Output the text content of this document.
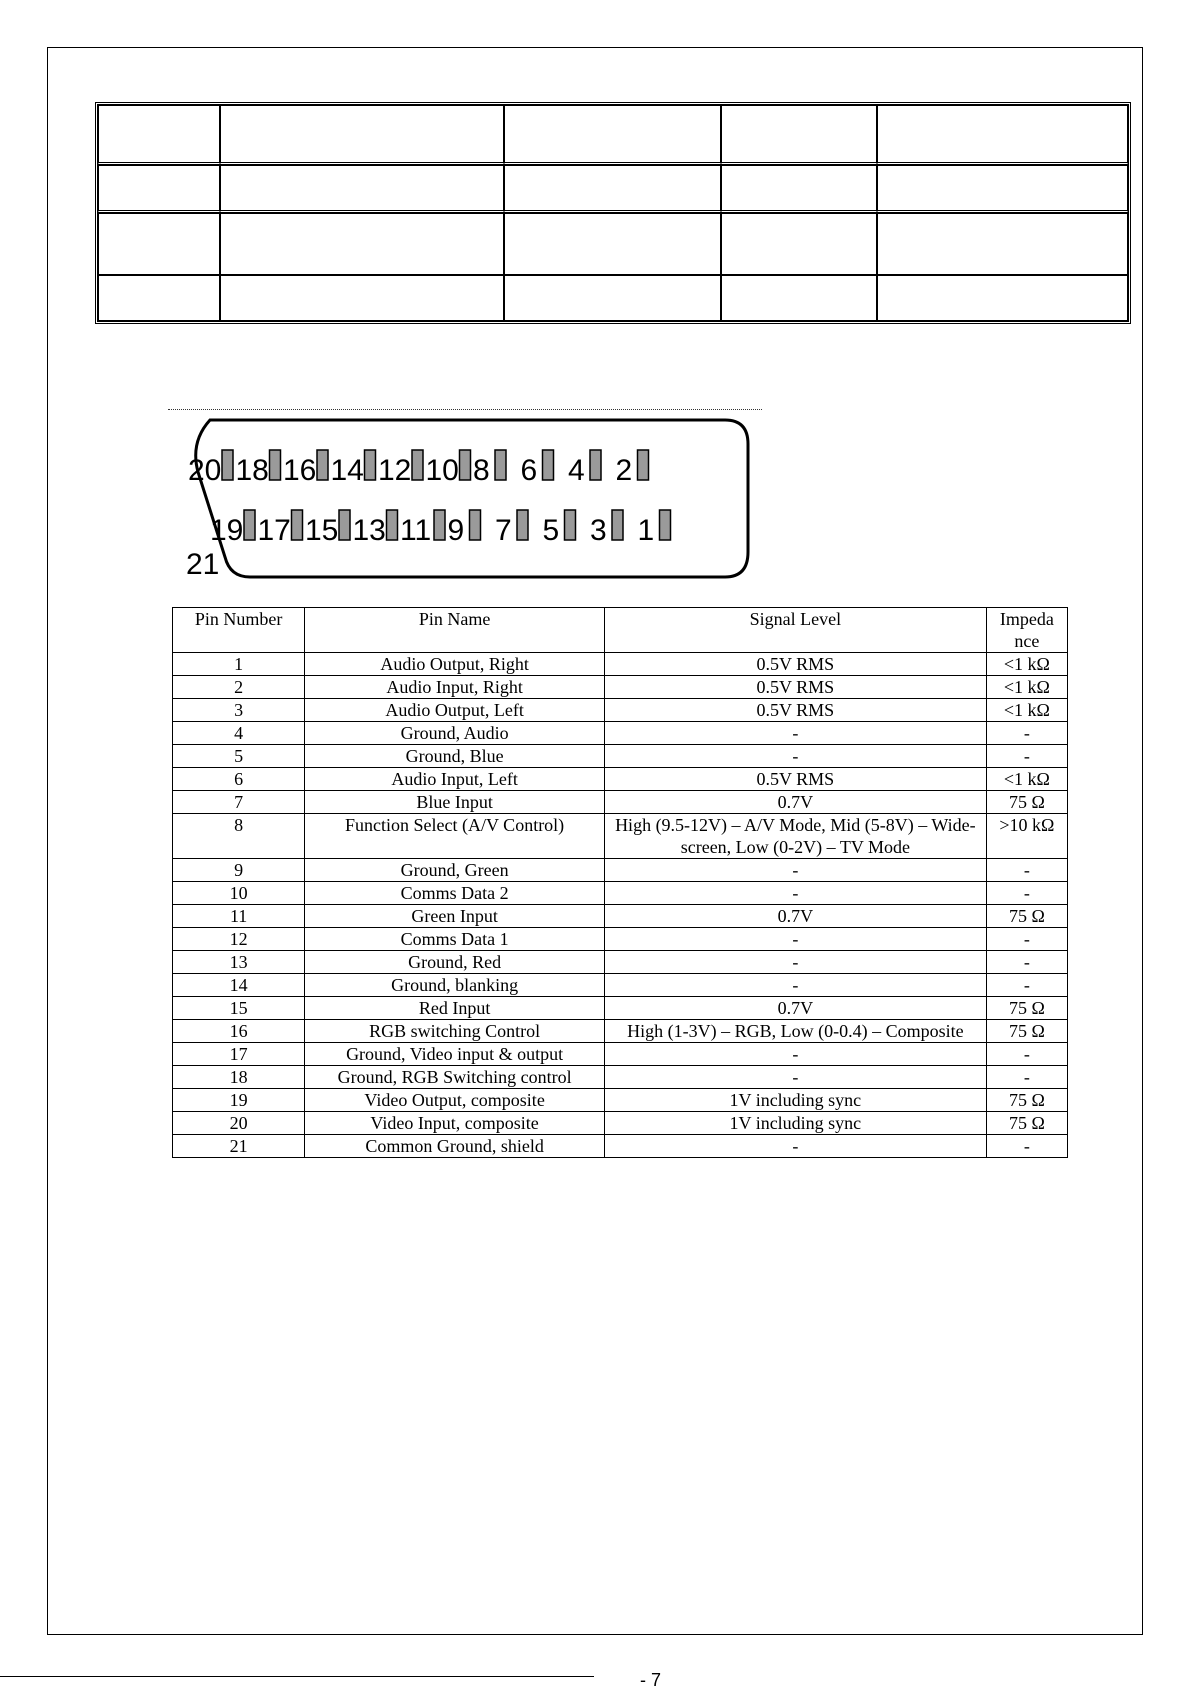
20 18 16 14 12 10 8 6 4 2
19 17 15 13 11 9 7 5 3 1
21
Pin Number	Pin Name	Signal Level	Impeda nce
1	Audio Output, Right	0.5V RMS	<1 kΩ
2	Audio Input, Right	0.5V RMS	<1 kΩ
3	Audio Output, Left	0.5V RMS	<1 kΩ
4	Ground, Audio	-	-
5	Ground, Blue	-	-
6	Audio Input, Left	0.5V RMS	<1 kΩ
7	Blue Input	0.7V	75 Ω
8	Function Select (A/V Control)	High (9.5-12V) – A/V Mode, Mid (5-8V) – Wide-screen, Low (0-2V) – TV Mode	>10 kΩ
9	Ground, Green	-	-
10	Comms Data 2	-	-
11	Green Input	0.7V	75 Ω
12	Comms Data 1	-	-
13	Ground, Red	-	-
14	Ground, blanking	-	-
15	Red Input	0.7V	75 Ω
16	RGB switching Control	High (1-3V) – RGB, Low (0-0.4) – Composite	75 Ω
17	Ground, Video input & output	-	-
18	Ground, RGB Switching control	-	-
19	Video Output, composite	1V including sync	75 Ω
20	Video Input, composite	1V including sync	75 Ω
21	Common Ground, shield	-	-
- 7
